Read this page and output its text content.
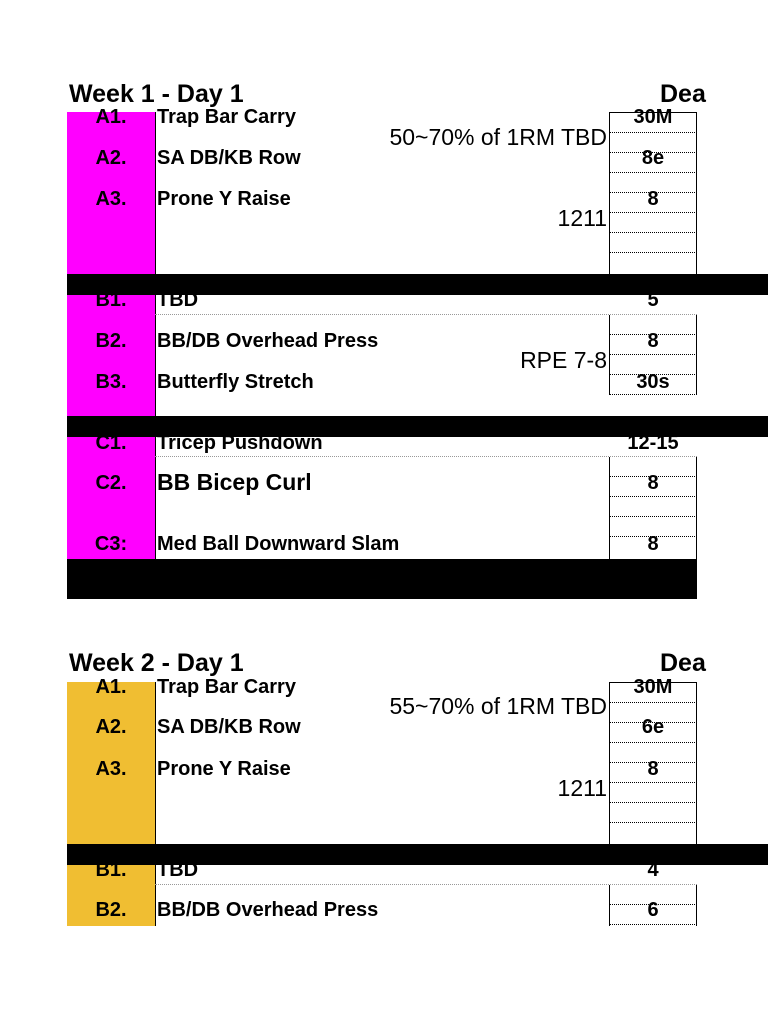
Week 1 - Day 1	Dea
A1.	Trap Bar Carry	30M
A2.	SA DB/KB Row	8e
A3.	Prone Y Raise	8
50~70% of 1RM TBD
1211
B1.	TBD	5
B2.	BB/DB Overhead Press	8
B3.	Butterfly Stretch	30s
RPE 7-8
C1.	Tricep Pushdown	12-15
C2.	BB Bicep Curl	8
C3:	Med Ball Downward Slam	8
Week 2 - Day 1	Dea
A1.	Trap Bar Carry	30M
A2.	SA DB/KB Row	6e
A3.	Prone Y Raise	8
55~70% of 1RM TBD
1211
B1.	TBD	4
B2.	BB/DB Overhead Press	6
